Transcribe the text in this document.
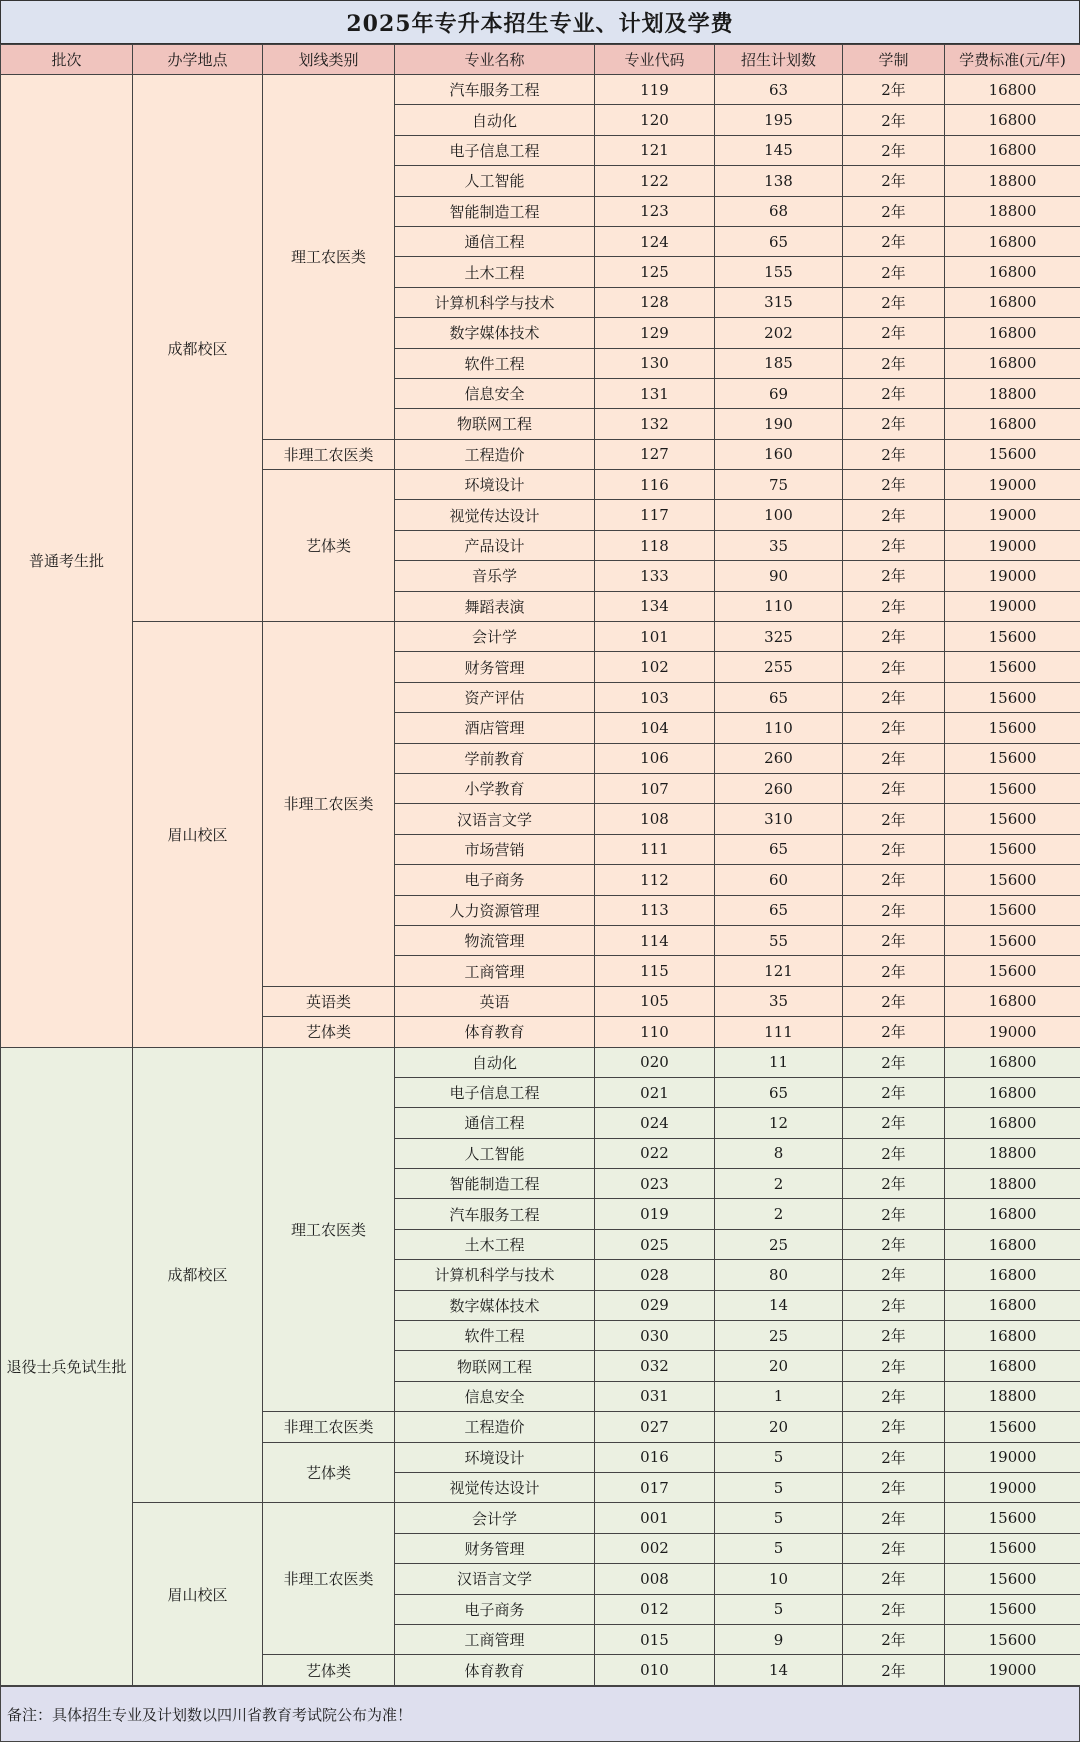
2025年专升本招生专业、计划及学费
批次	办学地点	划线类别	专业名称	专业代码	招生计划数	学制	学费标准(元/年)
普通考生批	成都校区	理工农医类	汽车服务工程	119	63	2年	16800
			自动化	120	195	2年	16800
			电子信息工程	121	145	2年	16800
			人工智能	122	138	2年	18800
			智能制造工程	123	68	2年	18800
			通信工程	124	65	2年	16800
			土木工程	125	155	2年	16800
			计算机科学与技术	128	315	2年	16800
			数字媒体技术	129	202	2年	16800
			软件工程	130	185	2年	16800
			信息安全	131	69	2年	18800
			物联网工程	132	190	2年	16800
		非理工农医类	工程造价	127	160	2年	15600
		艺体类	环境设计	116	75	2年	19000
			视觉传达设计	117	100	2年	19000
			产品设计	118	35	2年	19000
			音乐学	133	90	2年	19000
			舞蹈表演	134	110	2年	19000
	眉山校区	非理工农医类	会计学	101	325	2年	15600
			财务管理	102	255	2年	15600
			资产评估	103	65	2年	15600
			酒店管理	104	110	2年	15600
			学前教育	106	260	2年	15600
			小学教育	107	260	2年	15600
			汉语言文学	108	310	2年	15600
			市场营销	111	65	2年	15600
			电子商务	112	60	2年	15600
			人力资源管理	113	65	2年	15600
			物流管理	114	55	2年	15600
			工商管理	115	121	2年	15600
		英语类	英语	105	35	2年	16800
		艺体类	体育教育	110	111	2年	19000
退役士兵免试生批	成都校区	理工农医类	自动化	020	11	2年	16800
			电子信息工程	021	65	2年	16800
			通信工程	024	12	2年	16800
			人工智能	022	8	2年	18800
			智能制造工程	023	2	2年	18800
			汽车服务工程	019	2	2年	16800
			土木工程	025	25	2年	16800
			计算机科学与技术	028	80	2年	16800
			数字媒体技术	029	14	2年	16800
			软件工程	030	25	2年	16800
			物联网工程	032	20	2年	16800
			信息安全	031	1	2年	18800
		非理工农医类	工程造价	027	20	2年	15600
		艺体类	环境设计	016	5	2年	19000
			视觉传达设计	017	5	2年	19000
	眉山校区	非理工农医类	会计学	001	5	2年	15600
			财务管理	002	5	2年	15600
			汉语言文学	008	10	2年	15600
			电子商务	012	5	2年	15600
			工商管理	015	9	2年	15600
		艺体类	体育教育	010	14	2年	19000
备注：具体招生专业及计划数以四川省教育考试院公布为准！
